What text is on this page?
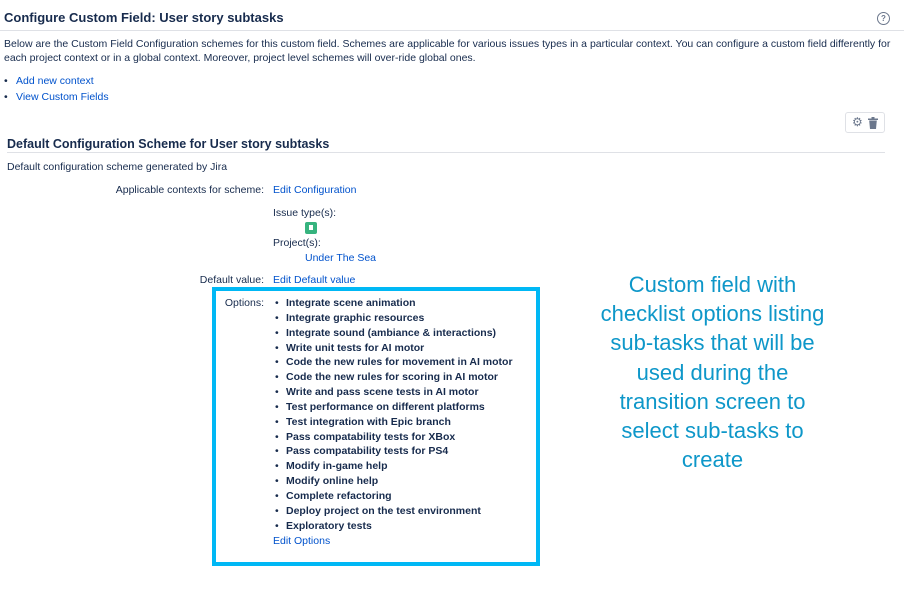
Configure Custom Field: User story subtasks	?
Below are the Custom Field Configuration schemes for this custom field. Schemes are applicable for various issues types in a particular context. You can configure a custom field differently for each project context or in a global context. Moreover, project level schemes will over-ride global ones.
• Add new context
• View Custom Fields
⚙
Default Configuration Scheme for User story subtasks
Default configuration scheme generated by Jira
Applicable contexts for scheme: Edit Configuration
Issue type(s):
Project(s):
Under The Sea
Default value: Edit Default value
Options: • Integrate scene animation
• Integrate graphic resources
• Integrate sound (ambiance & interactions)
• Write unit tests for AI motor
• Code the new rules for movement in AI motor
• Code the new rules for scoring in AI motor
• Write and pass scene tests in AI motor
• Test performance on different platforms
• Test integration with Epic branch
• Pass compatability tests for XBox
• Pass compatability tests for PS4
• Modify in-game help
• Modify online help
• Complete refactoring
• Deploy project on the test environment
• Exploratory tests
Edit Options
Custom field with checklist options listing sub-tasks that will be used during the transition screen to select sub-tasks to create
